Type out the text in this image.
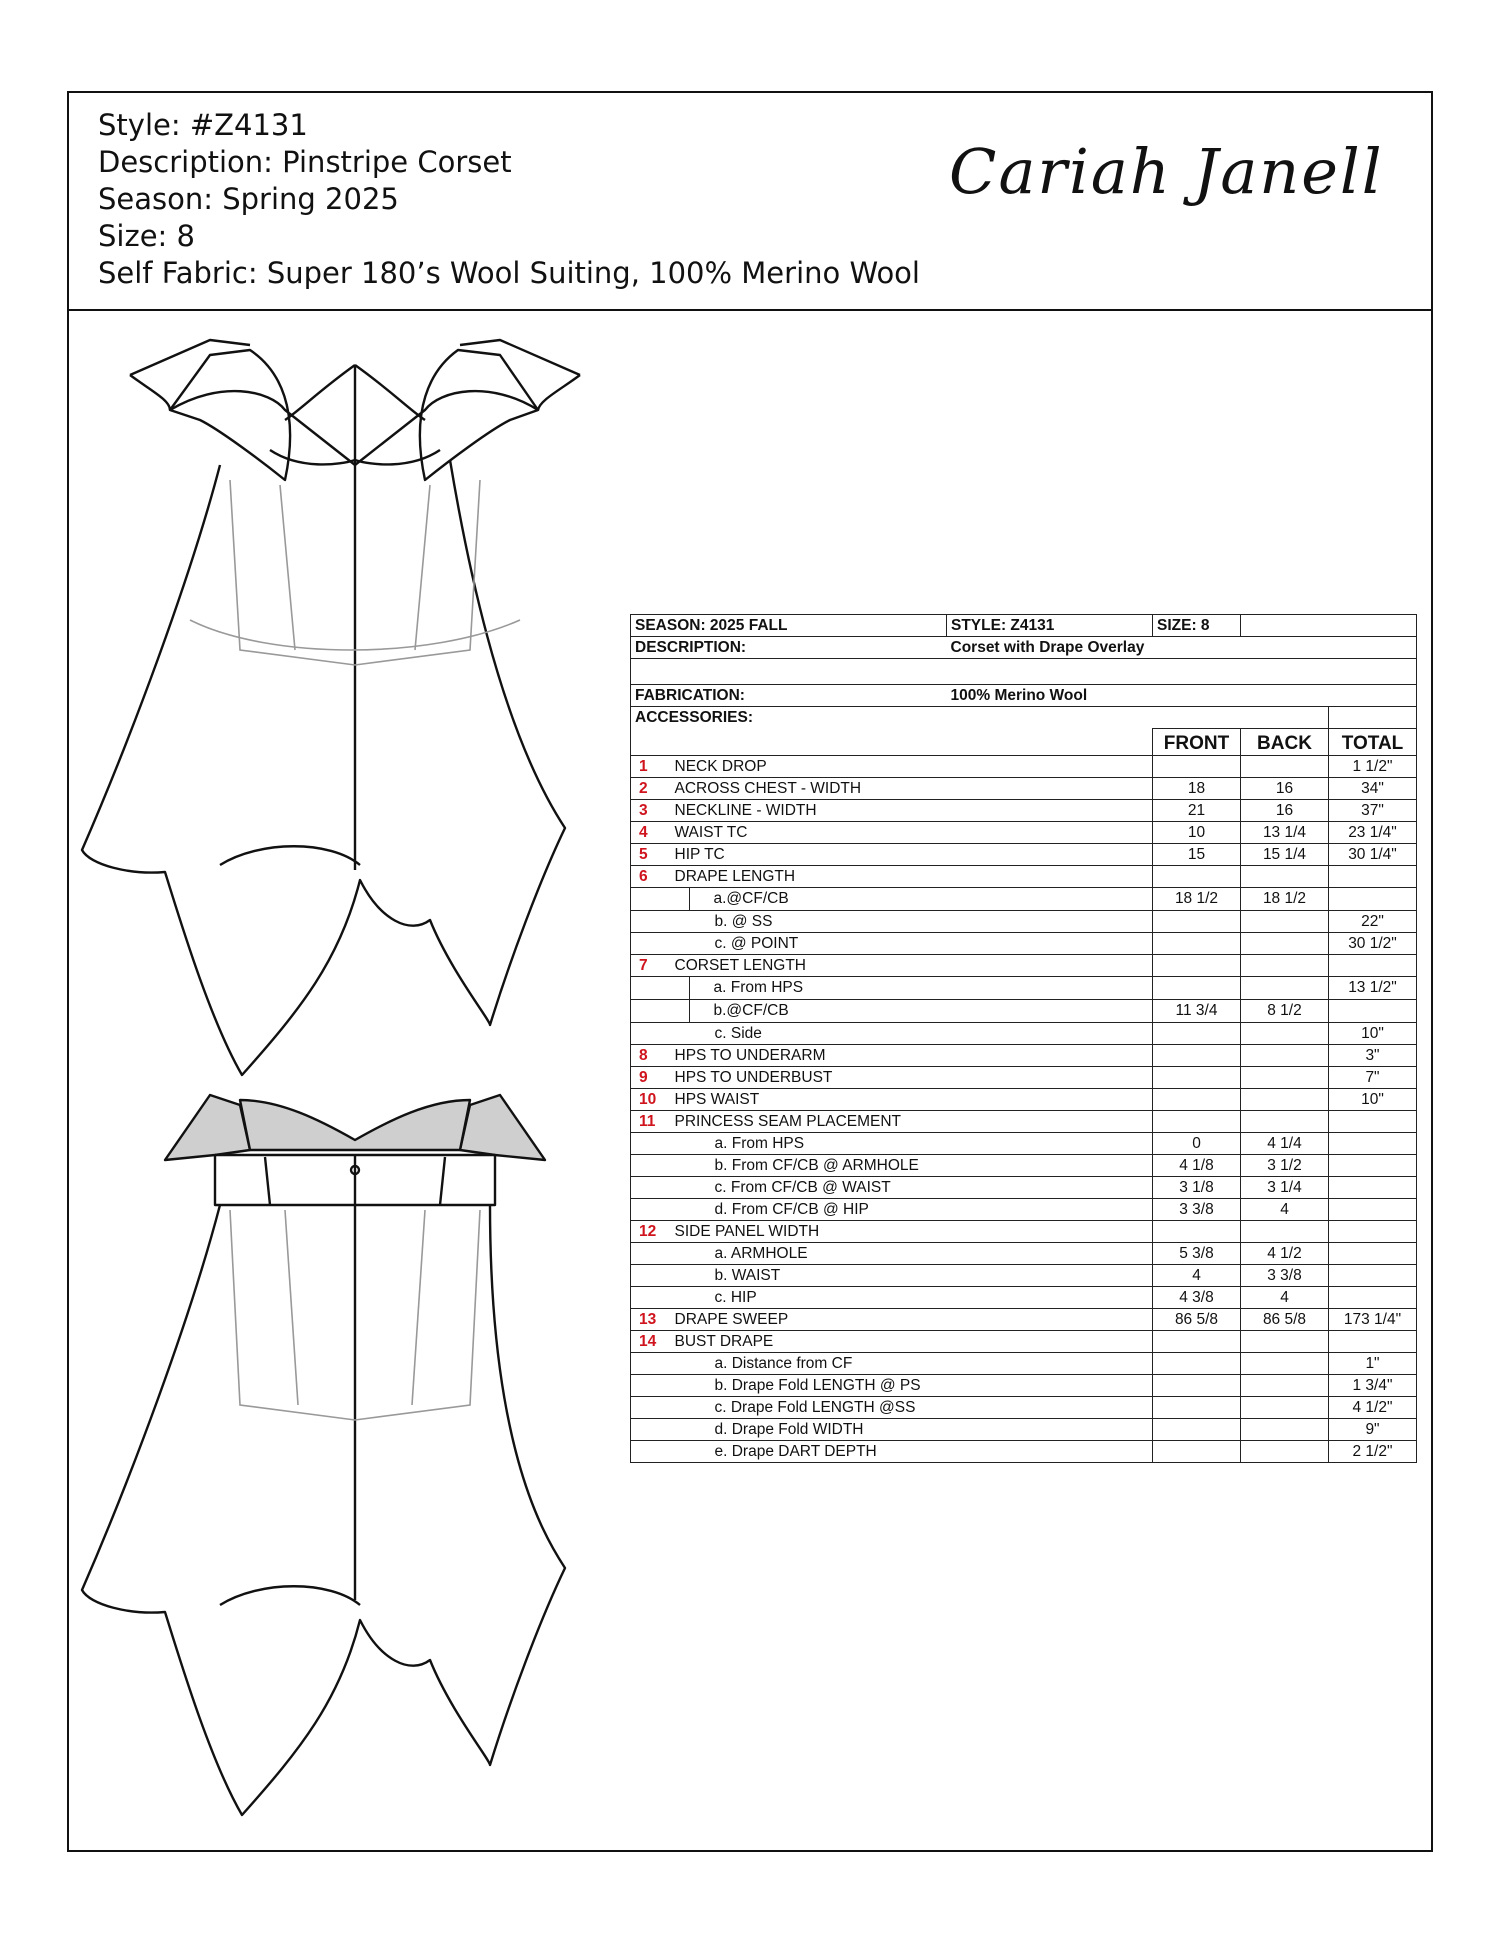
Style: #Z4131
Description: Pinstripe Corset
Season: Spring 2025
Size: 8
Self Fabric: Super 180’s Wool Suiting, 100% Merino Wool
Cariah Janell
SEASON: 2025 FALL		STYLE: Z4131	SIZE: 8		
DESCRIPTION:		Corset with Drape Overlay			

FABRICATION:		100% Merino Wool			
ACCESSORIES:					
			FRONT	BACK	TOTAL
1	NECK DROP				1 1/2"
2	ACROSS CHEST - WIDTH		18	16	34"
3	NECKLINE - WIDTH		21	16	37"
4	WAIST TC		10	13 1/4	23 1/4"
5	HIP TC		15	15 1/4	30 1/4"
6	DRAPE LENGTH				
	a.@CF/CB		18 1/2	18 1/2	
	b. @ SS				22"
	c. @ POINT				30 1/2"
7	CORSET LENGTH				
	a. From HPS				13 1/2"
	b.@CF/CB		11 3/4	8 1/2	
	c. Side				10"
8	HPS TO UNDERARM				3"
9	HPS TO UNDERBUST				7"
10	HPS WAIST				10"
11	PRINCESS SEAM PLACEMENT				
	a. From HPS		0	4 1/4	
	b. From CF/CB @ ARMHOLE		4 1/8	3 1/2	
	c. From CF/CB @ WAIST		3 1/8	3 1/4	
	d. From CF/CB @ HIP		3 3/8	4	
12	SIDE PANEL WIDTH				
	a. ARMHOLE		5 3/8	4 1/2	
	b. WAIST		4	3 3/8	
	c. HIP		4 3/8	4	
13	DRAPE SWEEP		86 5/8	86 5/8	173 1/4"
14	BUST DRAPE				
	a. Distance from CF				1"
	b. Drape Fold LENGTH @ PS				1 3/4"
	c. Drape Fold LENGTH @SS				4 1/2"
	d. Drape Fold WIDTH				9"
	e. Drape DART DEPTH				2 1/2"
